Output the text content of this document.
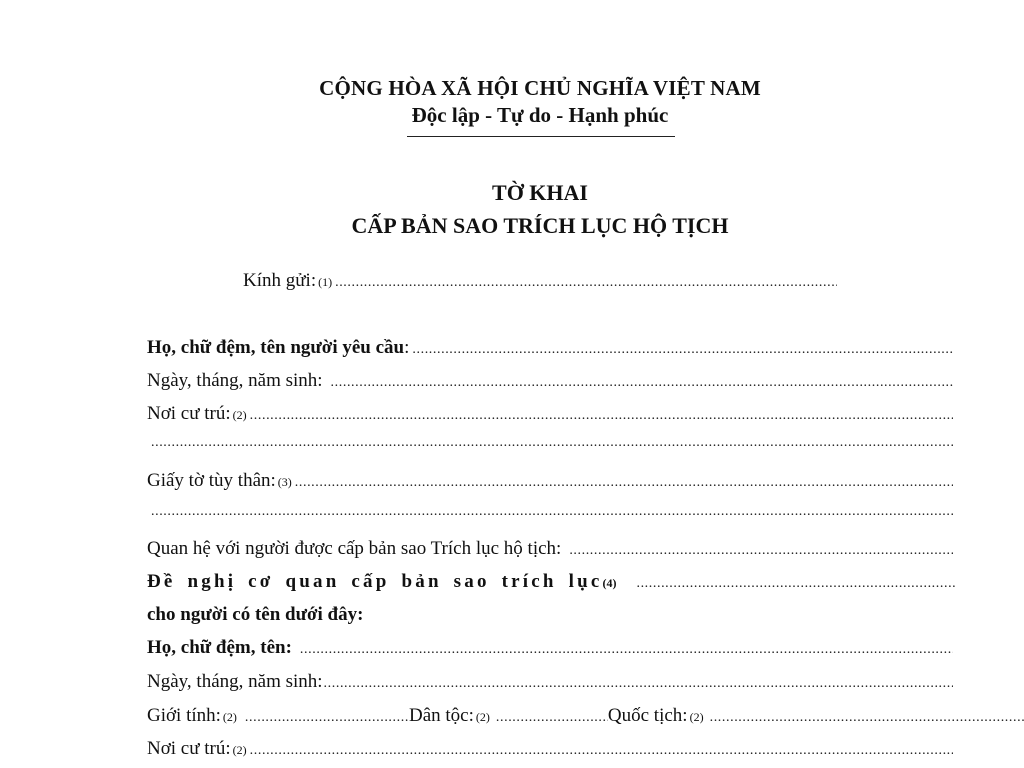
CỘNG HÒA XÃ HỘI CHỦ NGHĨA VIỆT NAM
Độc lập - Tự do - Hạnh phúc
TỜ KHAI
CẤP BẢN SAO TRÍCH LỤC HỘ TỊCH
Kính gửi: (1)
.....
Họ, chữ đệm, tên người yêu cầu :
.....
Ngày, tháng, năm sinh:
.....
Nơi cư trú: (2)
.....
.....
Giấy tờ tùy thân: (3)
.....
.....
Quan hệ với người được cấp bản sao Trích lục hộ tịch:
.....
Đề nghị cơ quan cấp bản sao trích lục (4)
.....
cho người có tên dưới đây:
Họ, chữ đệm, tên:
.....
Ngày, tháng, năm sinh:
.....
Giới tính: (2) .....	Dân tộc: (2) .....	Quốc tịch: (2)
.....
Nơi cư trú: (2)
.....
